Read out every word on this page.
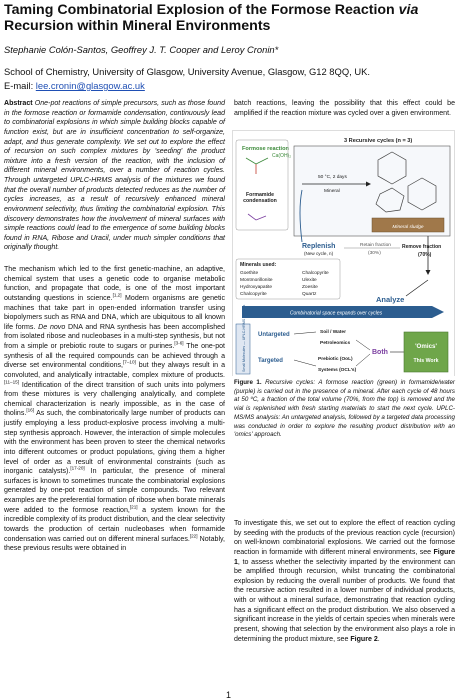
Taming Combinatorial Explosion of the Formose Reaction via
Recursion within Mineral Environments
Stephanie Colón-Santos, Geoffrey J. T. Cooper and Leroy Cronin*
School of Chemistry, University of Glasgow, University Avenue, Glasgow, G12 8QQ, UK.
E-mail: lee.cronin@glasgow.ac.uk

Abstract One-pot reactions of simple precursors, such as those found in the formose reaction or formamide condensation, continuously lead to combinatorial explosions in which simple building blocks capable of function exist, but are in insufficient concentration to self-organize, adapt, and thus generate complexity. We set out to explore the effect of recursion on such complex mixtures by 'seeding' the product mixture into a fresh version of the reaction, with the inclusion of different mineral environments, over a number of reaction cycles. Through untargeted UPLC-HRMS analysis of the mixtures we found that the overall number of products detected reduces as the number of cycles increases, as a result of recursively enhanced mineral environment selectivity, thus limiting the combinatorial explosion. This discovery demonstrates how the involvement of mineral surfaces with simple reactions could lead to the emergence of some building blocks found in RNA, Ribose and Uracil, under much simpler conditions that originally thought.

The mechanism which led to the first genetic-machine, an adaptive, chemical system that uses a genetic code to organise metabolic function, and propagate that code, is one of the most important outstanding questions in science.[1,2] Modern organisms are genetic machines that take part in open-ended information transfer using biopolymers such as RNA and DNA, which are ubiquitous to all known life forms. De novo DNA and RNA synthesis has been accomplished from isolated ribose and nucleobases in a multi-step synthesis, but not from a simple or prebiotic route to sugars or purines.[3-6] The one-pot synthesis of all the required compounds can be achieved through a diverse set environmental conditions,[7–10] but they always result in a convoluted, and analytically intractable, complex mixture of products.[11–15] Identification of the direct transition of such units into polymers from these mixtures is very challenging analytically, and complete chemical characterization is nearly impossible, as in the case of tholins.[16] As such, the combinatorically large number of products can justify employing a less product-explosive process involving a multi-step synthesis approach. However, the interaction of simple molecules with the environment has been proven to steer the chemical networks into different outcomes or product populations, giving them a higher level of order as a result of environmental constraints (such as inorganic catalysts).[17-20] In particular, the presence of mineral surfaces is known to sometimes truncate the combinatorial explosions generated by one-pot reaction of simple compounds. Two relevant examples are the preferential formation of ribose when borate minerals were added to the formose reaction,[21] a system known for the incredible complexity of its product distribution, and the clear selectivity towards the production of certain nucleobases when formamide condensation was carried out on different mineral surfaces.[22] Notably, these previous results were obtained in

batch reactions, leaving the possibility that this effect could be amplified if the reaction mixture was cycled over a given environment.
Formose reaction
Ca(OH)₂
Formamide condensation
3 Recursive cycles (n = 3)
50 °C, 2 days
Mineral
Mineral sludge
Replenish
(New cycle, n)
Retain fraction
(30%)
Remove fraction
(70%)
Minerals used:
Goethite
Montmorillonite
Hydroxyapatite
Chalcopyrite
Chalcopyrite
Ulexite
Zoesite
Quartz
Analyze
Combinatorial space expands over cycles
Small Molecules — UPLC-HRMS Analysis Untargeted
Targeted
Soil / Water
Petroleomics
Prebiotic (OoL)
Systems (OCL's)
Both
'Omics'
This Work
Figure 1. Recursive cycles: A formose reaction (green) in formamide/water (purple) is carried out in the presence of a mineral. After each cycle of 48 hours at 50 ºC, a fraction of the total volume (70%, from the top) is removed and the vial is replenished with fresh starting materials to start the next cycle. UPLC-MS/MS analysis: An untargeted analysis, followed by a targeted data processing was conducted in order to explore the resulting product distribution with an 'omics' approach.
To investigate this, we set out to explore the effect of reaction cycling by seeding with the products of the previous reaction cycle (recursion) on well-known combinatorial explosions. We carried out the formose reaction in formamide with different mineral environments, see Figure 1, to assess whether the selectivity imparted by the environment can be amplified through recursion, whilst truncating the combinatorial explosion by reducing the overall number of products. We found that the recursive action resulted in a lower number of individual products, with or without a mineral surface, demonstrating that reaction cycling has a significant effect on the product distribution. We also observed a significant increase in the yields of certain species when minerals were present, showing that selection by the environment also plays a role in determining the product mixture, see Figure 2.
1
